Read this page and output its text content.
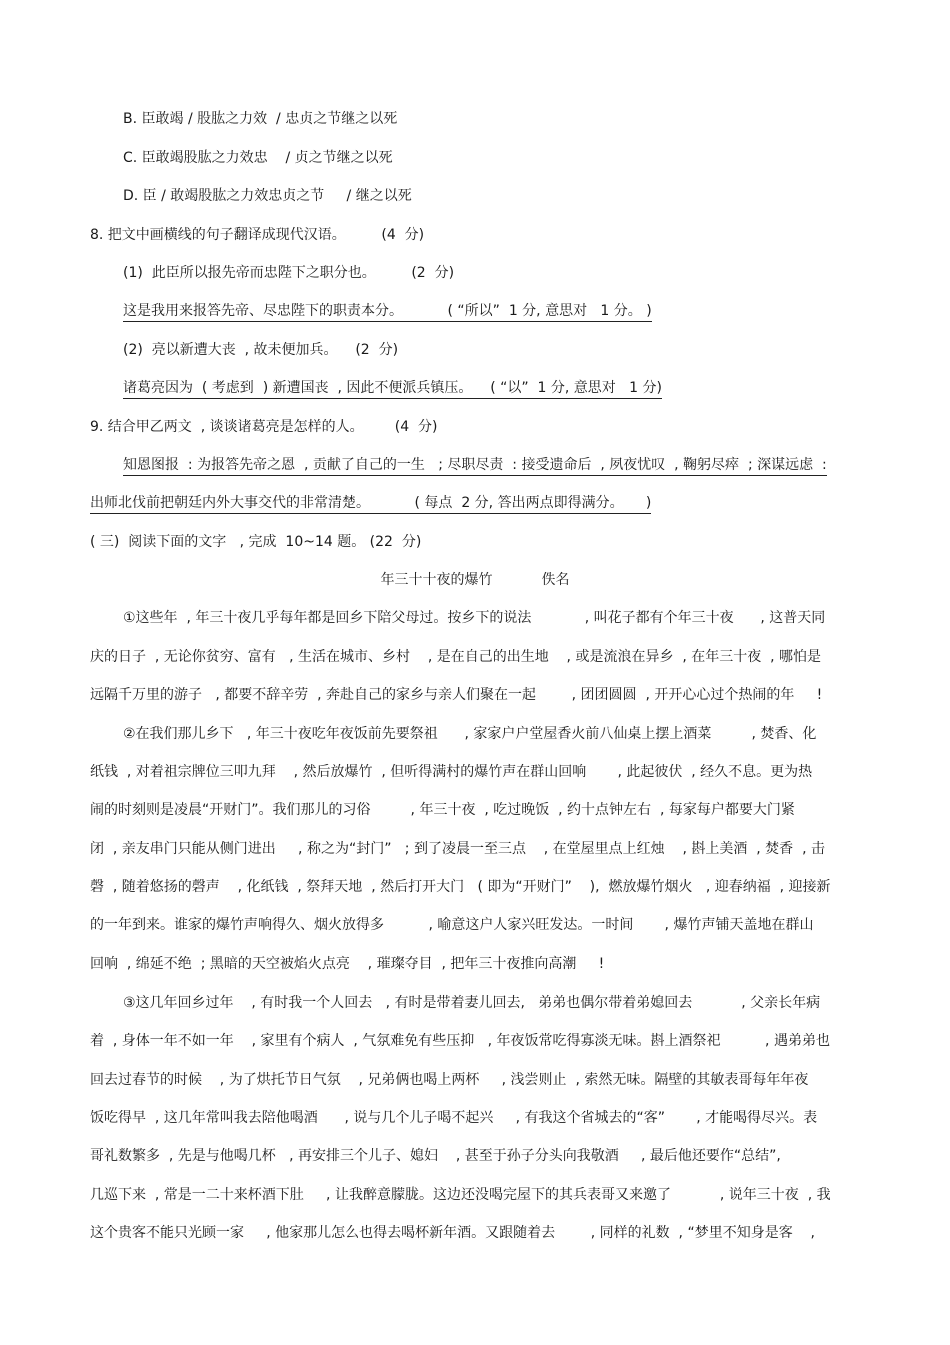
B. 臣敢竭 / 股肱之力效  / 忠贞之节继之以死
C. 臣敢竭股肱之力效忠    / 贞之节继之以死
D. 臣 / 敢竭股肱之力效忠贞之节     / 继之以死
8. 把文中画横线的句子翻译成现代汉语。        (4  分)
(1)  此臣所以报先帝而忠陛下之职分也。        (2  分)
这是我用来报答先帝、尽忠陛下的职责本分。          ( “所以”  1 分, 意思对   1 分。 )
(2)  亮以新遭大丧  , 故未便加兵。    (2  分)
诸葛亮因为  ( 考虑到  ) 新遭国丧  , 因此不便派兵镇压。    ( “以”  1 分, 意思对   1 分)
9. 结合甲乙两文  , 谈谈诸葛亮是怎样的人。       (4  分)
知恩图报  : 为报答先帝之恩  , 贡献了自己的一生   ; 尽职尽责  : 接受遗命后  , 夙夜忧叹  , 鞠躬尽瘁  ; 深谋远虑  :
出师北伐前把朝廷内外大事交代的非常清楚。          ( 每点  2 分, 答出两点即得满分。     )
( 三)  阅读下面的文字   , 完成  10~14 题。 (22  分)
年三十十夜的爆竹           佚名
①这些年  , 年三十夜几乎每年都是回乡下陪父母过。按乡下的说法            , 叫花子都有个年三十夜      , 这普天同
庆的日子  , 无论你贫穷、富有   , 生活在城市、乡村    , 是在自己的出生地    , 或是流浪在异乡  , 在年三十夜  , 哪怕是
远隔千万里的游子   , 都要不辞辛劳  , 奔赴自己的家乡与亲人们聚在一起        , 团团圆圆  , 开开心心过个热闹的年     !
②在我们那儿乡下   , 年三十夜吃年夜饭前先要祭祖      , 家家户户堂屋香火前八仙桌上摆上酒菜         , 焚香、化
纸钱  , 对着祖宗牌位三叩九拜    , 然后放爆竹  , 但听得满村的爆竹声在群山回响       , 此起彼伏  , 经久不息。更为热
闹的时刻则是凌晨“开财门”。我们那儿的习俗         , 年三十夜  , 吃过晚饭  , 约十点钟左右  , 每家每户都要大门紧
闭  , 亲友串门只能从侧门进出     , 称之为“封门”   ; 到了凌晨一至三点    , 在堂屋里点上红烛    , 斟上美酒  , 焚香  , 击
磬  , 随着悠扬的磬声    , 化纸钱  , 祭拜天地  , 然后打开大门   ( 即为“开财门”    ),  燃放爆竹烟火   , 迎春纳福  , 迎接新
的一年到来。谁家的爆竹声响得久、烟火放得多          , 喻意这户人家兴旺发达。一时间       , 爆竹声铺天盖地在群山
回响  , 绵延不绝  ; 黑暗的天空被焰火点亮    , 璀璨夺目  , 把年三十夜推向高潮     !
③这几年回乡过年    , 有时我一个人回去   , 有时是带着妻儿回去,   弟弟也偶尔带着弟媳回去           , 父亲长年病
着  , 身体一年不如一年    , 家里有个病人  , 气氛难免有些压抑   , 年夜饭常吃得寡淡无味。斟上酒祭祀          , 遇弟弟也
回去过春节的时候    , 为了烘托节日气氛    , 兄弟俩也喝上两杯     , 浅尝则止  , 索然无味。隔壁的其敏表哥每年年夜
饭吃得早  , 这几年常叫我去陪他喝酒      , 说与几个儿子喝不起兴     , 有我这个省城去的“客”       , 才能喝得尽兴。表
哥礼数繁多  , 先是与他喝几杯   , 再安排三个儿子、媳妇    , 甚至于孙子分头向我敬酒     , 最后他还要作“总结”,
几巡下来  , 常是一二十来杯酒下肚     , 让我醉意朦胧。这边还没喝完屋下的其兵表哥又来邀了           , 说年三十夜  , 我
这个贵客不能只光顾一家     , 他家那儿怎么也得去喝杯新年酒。又跟随着去        , 同样的礼数  , “梦里不知身是客    ,
